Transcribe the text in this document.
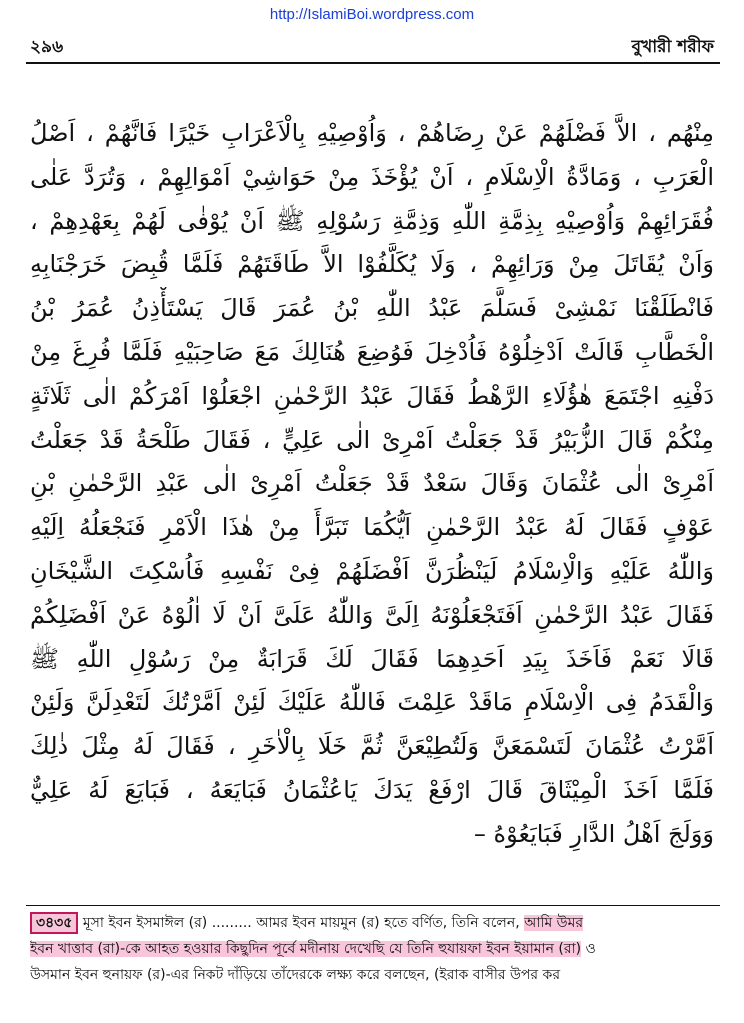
http://IslamiBoi.wordpress.com
২৯৬	বুখারী শরীফ
مِنْهُم ، الاَّ فَضْلَهُمْ عَنْ رِضَاهُمْ ، وَاُوْصِيْهِ بِالْاَعْرَابِ خَيْرًا فَانَّهُمْ ، اَصْلُ
الْعَرَبِ ، وَمَادَّةُ الْاِسْلَامِ ، اَنْ يُؤْخَذَ مِنْ حَوَاشِيْ اَمْوَالِهِمْ ، وَتُرَدَّ عَلٰى
فُقَرَائِهِمْ وَاُوْصِيْهِ بِذِمَّةِ اللّٰهِ وَذِمَّةِ رَسُوْلِهِ ﷺ اَنْ يُوْفٰى لَهُمْ بِعَهْدِهِمْ ،
وَاَنْ يُقَاتَلَ مِنْ وَرَائِهِمْ ، وَلَا يُكَلَّفُوْا الاَّ طَاقَتَهُمْ فَلَمَّا قُبِضَ خَرَجْنَابِهِ
فَانْطَلَقْنَا نَمْشِىْ فَسَلَّمَ عَبْدُ اللّٰهِ بْنُ عُمَرَ قَالَ يَسْتَأْذِنُ عُمَرُ بْنُ
الْخَطَّابِ قَالَتْ اَدْخِلُوْهُ فَاُدْخِلَ فَوُضِعَ هُنَالِكَ مَعَ صَاحِبَيْهِ فَلَمَّا فُرِغَ مِنْ
دَفْنِهِ اجْتَمَعَ هٰؤُلَاءِ الرَّهْطُ فَقَالَ عَبْدُ الرَّحْمٰنِ اجْعَلُوْا اَمْرَكُمْ الٰى ثَلَاثَةٍ
مِنْكُمْ قَالَ الزُّبَيْرُ قَدْ جَعَلْتُ اَمْرِىْ الٰى عَلِيٍّ ، فَقَالَ طَلْحَةُ قَدْ جَعَلْتُ
اَمْرِىْ الٰى عُثْمَانَ وَقَالَ سَعْدٌ قَدْ جَعَلْتُ اَمْرِىْ الٰى عَبْدِ الرَّحْمٰنِ بْنِ
عَوْفٍ فَقَالَ لَهُ عَبْدُ الرَّحْمٰنِ اَيُّكُمَا تَبَرَّأَ مِنْ هٰذَا الْاَمْرِ فَنَجْعَلُهُ اِلَيْهِ
وَاللّٰهُ عَلَيْهِ وَالْاِسْلَامُ لَيَنْظُرَنَّ اَفْضَلَهُمْ فِىْ نَفْسِهِ فَاُسْكِتَ الشَّيْخَانِ
فَقَالَ عَبْدُ الرَّحْمٰنِ اَفَتَجْعَلُوْنَهُ اِلَىَّ وَاللّٰهُ عَلَىَّ اَنْ لَا اٰلُوْهُ عَنْ اَفْضَلِكُمْ
قَالَا نَعَمْ فَاَخَذَ بِيَدِ اَحَدِهِمَا فَقَالَ لَكَ قَرَابَةٌ مِنْ رَسُوْلِ اللّٰهِ ﷺ
وَالْقَدَمُ فِى الْاِسْلَامِ مَاقَدْ عَلِمْتَ فَاللّٰهُ عَلَيْكَ لَئِنْ اَمَّرْتُكَ لَتَعْدِلَنَّ وَلَئِنْ
اَمَّرْتُ عُثْمَانَ لَتَسْمَعَنَّ وَلَتُطِيْعَنَّ ثُمَّ خَلَا بِالْاٰخَرِ ، فَقَالَ لَهُ مِثْلَ ذٰلِكَ
فَلَمَّا اَخَذَ الْمِيْثَاقَ قَالَ ارْفَعْ يَدَكَ يَاعُثْمَانُ فَبَايَعَهُ ، فَبَايَعَ لَهُ عَلِيٌّ
وَوَلَجَ اَهْلُ الدَّارِ فَبَايَعُوْهُ –
৩৪৩৫ মূসা ইবন ইসমাঈল (র) ......... আমর ইবন মায়মুন (র) হতে বর্ণিত, তিনি বলেন, আমি উমর
ইবন খাত্তাব (রা)-কে আহত হওয়ার কিছুদিন পূর্বে মদীনায় দেখেছি যে তিনি হুযায়ফা ইবন ইয়ামান (রা) ও
উসমান ইবন হুনায়ফ (র)-এর নিকট দাঁড়িয়ে তাঁদেরকে লক্ষ্য করে বলছেন, (ইরাক বাসীর উপর কর
